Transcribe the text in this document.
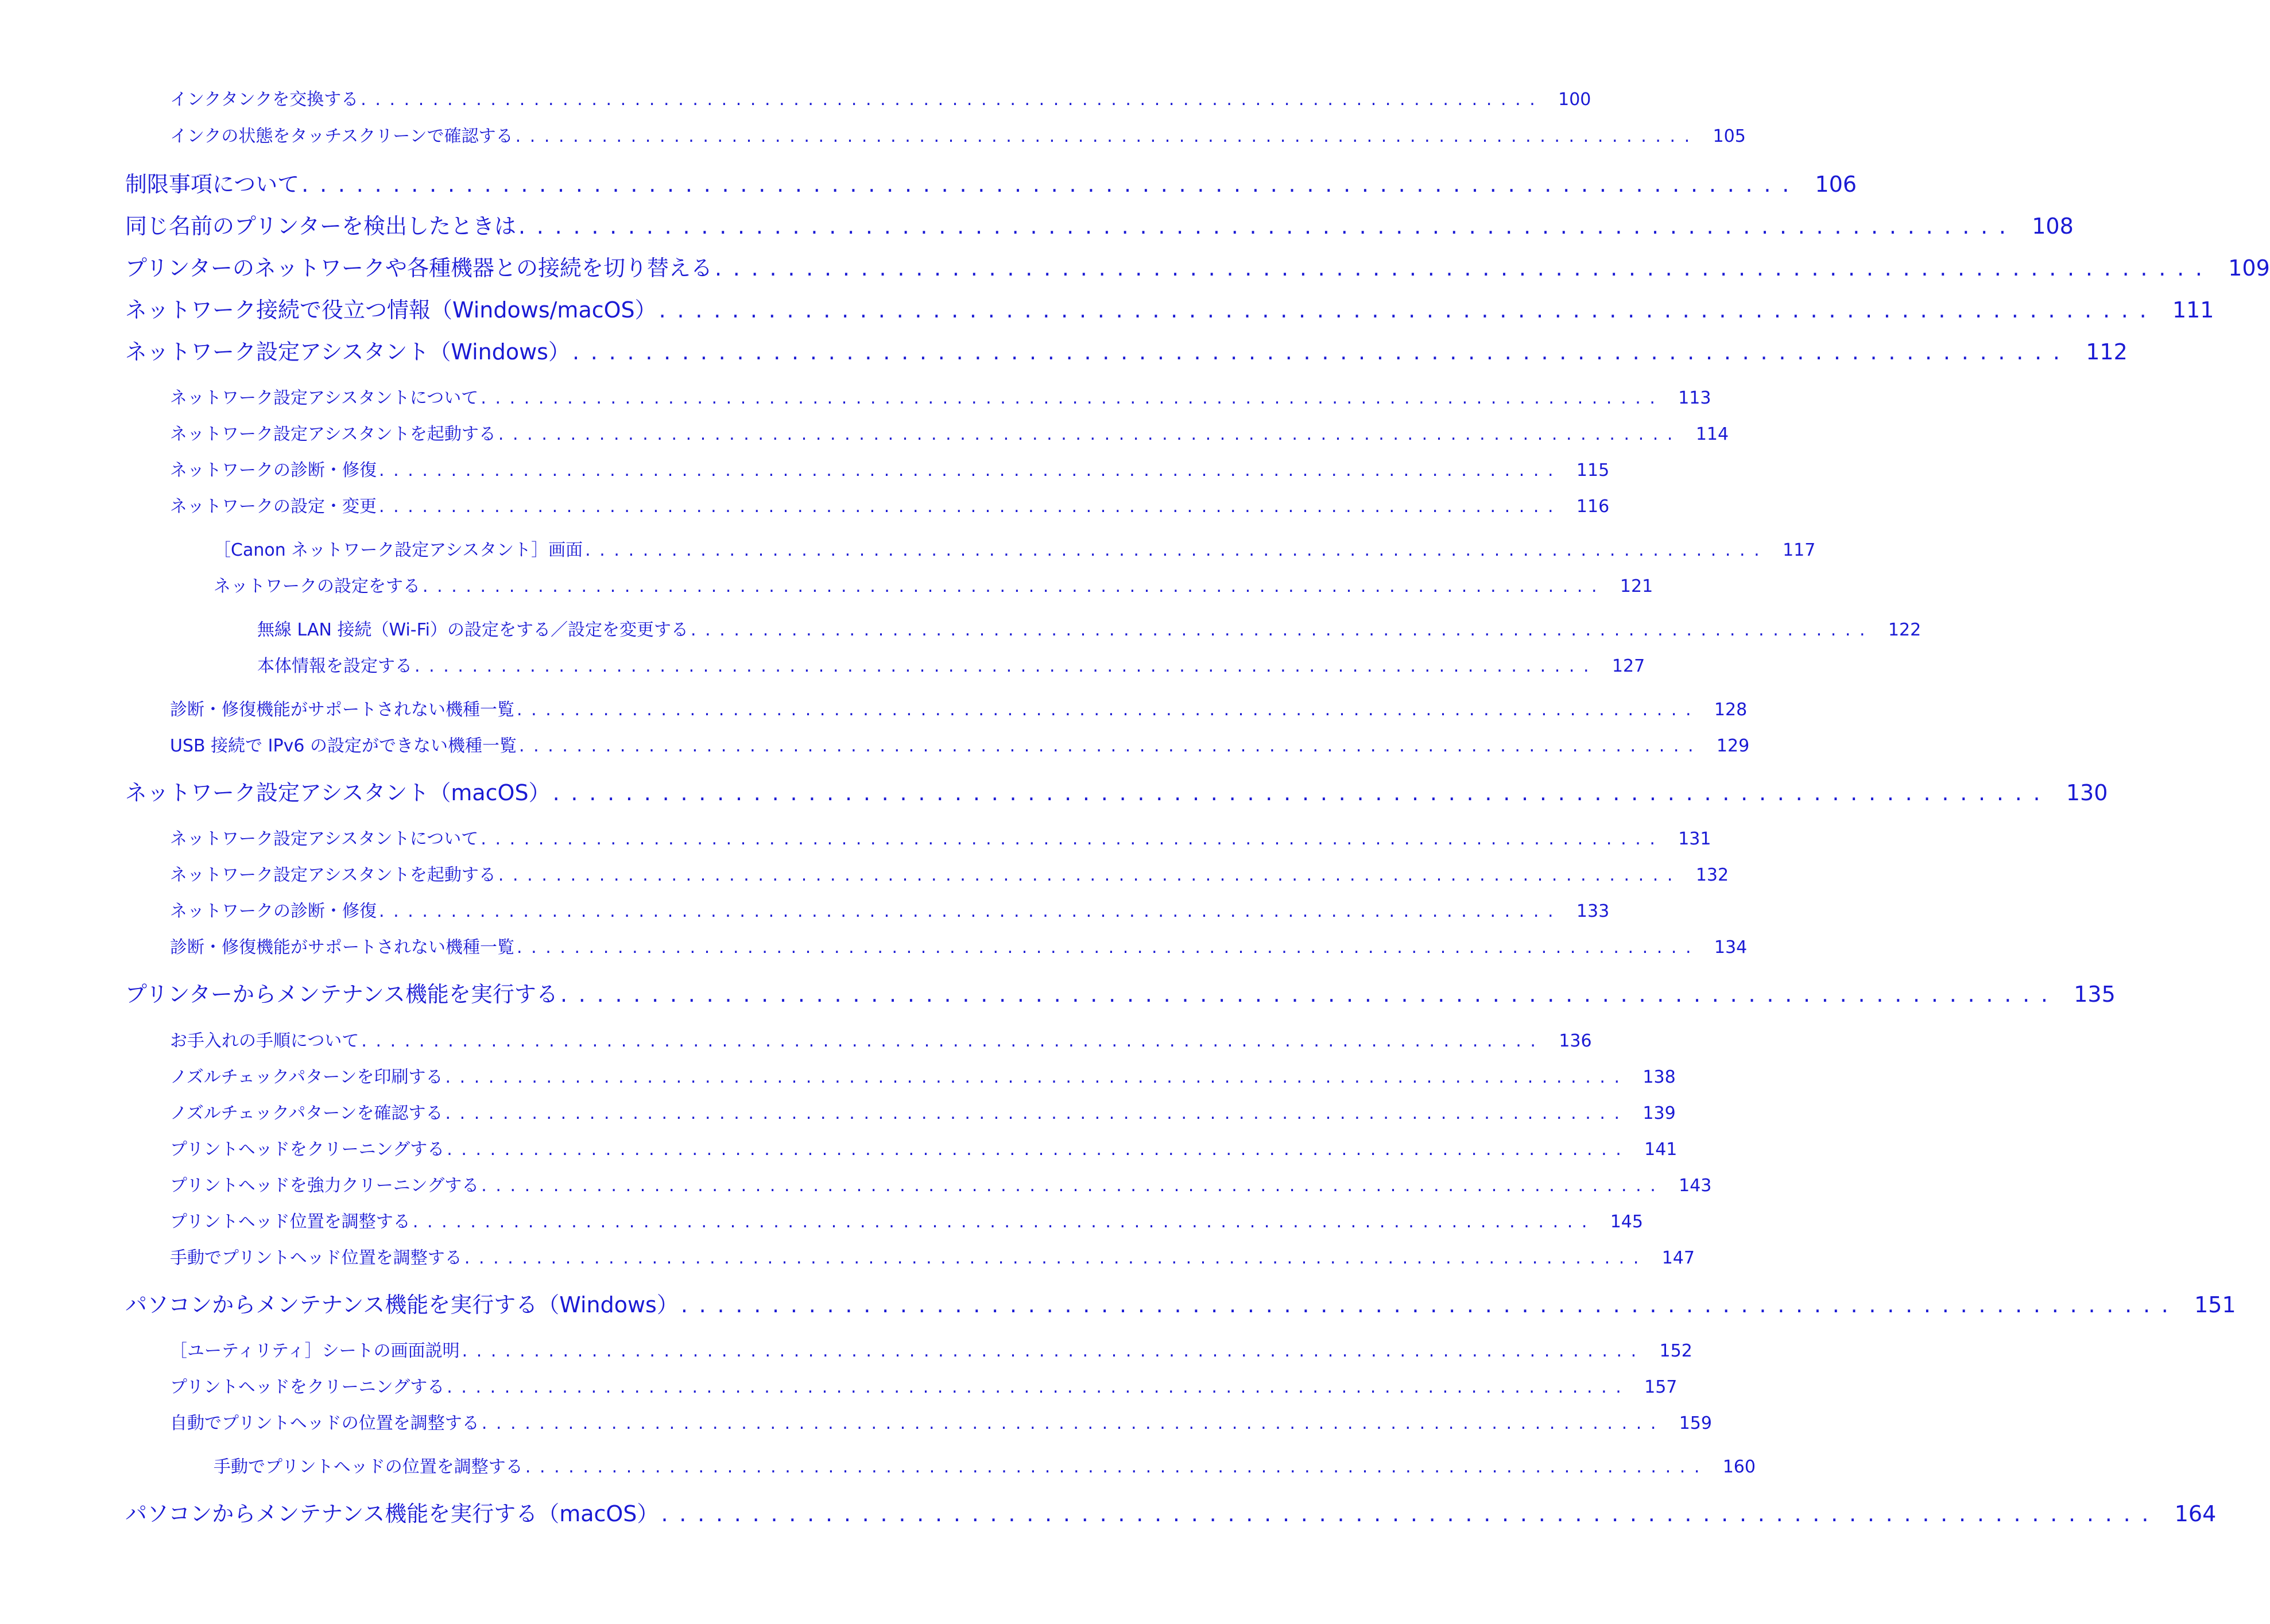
インクタンクを交換する .................................................................................. 100
インクの状態をタッチスクリーンで確認する .................................................................................. 105
制限事項について .................................................................................. 106
同じ名前のプリンターを検出したときは .................................................................................. 108
プリンターのネットワークや各種機器との接続を切り替える .................................................................................. 109
ネットワーク接続で役立つ情報（Windows/macOS） .................................................................................. 111
ネットワーク設定アシスタント（Windows） .................................................................................. 112
ネットワーク設定アシスタントについて .................................................................................. 113
ネットワーク設定アシスタントを起動する .................................................................................. 114
ネットワークの診断・修復 .................................................................................. 115
ネットワークの設定・変更 .................................................................................. 116
［Canon ネットワーク設定アシスタント］画面 .................................................................................. 117
ネットワークの設定をする .................................................................................. 121
無線 LAN 接続（Wi-Fi）の設定をする／設定を変更する .................................................................................. 122
本体情報を設定する .................................................................................. 127
診断・修復機能がサポートされない機種一覧 .................................................................................. 128
USB 接続で IPv6 の設定ができない機種一覧 .................................................................................. 129
ネットワーク設定アシスタント（macOS） .................................................................................. 130
ネットワーク設定アシスタントについて .................................................................................. 131
ネットワーク設定アシスタントを起動する .................................................................................. 132
ネットワークの診断・修復 .................................................................................. 133
診断・修復機能がサポートされない機種一覧 .................................................................................. 134
プリンターからメンテナンス機能を実行する .................................................................................. 135
お手入れの手順について .................................................................................. 136
ノズルチェックパターンを印刷する .................................................................................. 138
ノズルチェックパターンを確認する .................................................................................. 139
プリントヘッドをクリーニングする .................................................................................. 141
プリントヘッドを強力クリーニングする .................................................................................. 143
プリントヘッド位置を調整する .................................................................................. 145
手動でプリントヘッド位置を調整する .................................................................................. 147
パソコンからメンテナンス機能を実行する（Windows） .................................................................................. 151
［ユーティリティ］シートの画面説明 .................................................................................. 152
プリントヘッドをクリーニングする .................................................................................. 157
自動でプリントヘッドの位置を調整する .................................................................................. 159
手動でプリントヘッドの位置を調整する .................................................................................. 160
パソコンからメンテナンス機能を実行する（macOS） .................................................................................. 164
